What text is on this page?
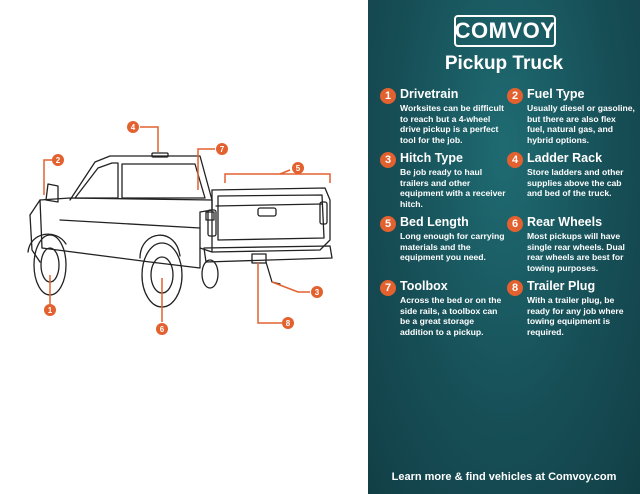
1
2
3
4
5
6
7
8
COMVOY
Pickup Truck
1 Drivetrain
Worksites can be difficult to reach but a 4-wheel drive pickup is a perfect tool for the job.
2 Fuel Type
Usually diesel or gasoline, but there are also flex fuel, natural gas, and hybrid options.
3 Hitch Type
Be job ready to haul trailers and other equipment with a receiver hitch.
4 Ladder Rack
Store ladders and other supplies above the cab and bed of the truck.
5 Bed Length
Long enough for carrying materials and the equipment you need.
6 Rear Wheels
Most pickups will have single rear wheels. Dual rear wheels are best for towing purposes.
7 Toolbox
Across the bed or on the side rails, a toolbox can be a great storage addition to a pickup.
8 Trailer Plug
With a trailer plug, be ready for any job where towing equipment is required.
Learn more & find vehicles at Comvoy.com
